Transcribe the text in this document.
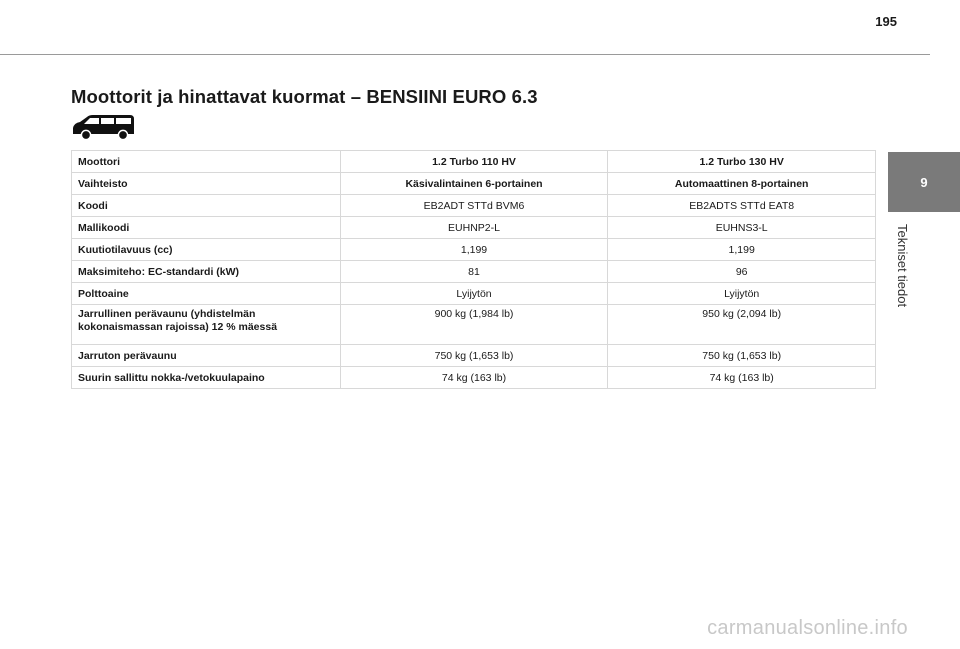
195
Moottorit ja hinattavat kuormat – BENSIINI EURO 6.3
9
Tekniset tiedot
Moottori	1.2 Turbo 110 HV	1.2 Turbo 130 HV
Vaihteisto	Käsivalintainen 6-portainen	Automaattinen 8-portainen
Koodi	EB2ADT STTd BVM6	EB2ADTS STTd EAT8
Mallikoodi	EUHNP2-L	EUHNS3-L
Kuutiotilavuus (cc)	1,199	1,199
Maksimiteho: EC-standardi (kW)	81	96
Polttoaine	Lyijytön	Lyijytön

Jarrullinen perävaunu (yhdistelmän
kokonaismassan rajoissa) 12 % mäessä	900 kg (1,984 lb)	950 kg (2,094 lb)
Jarruton perävaunu	750 kg (1,653 lb)	750 kg (1,653 lb)
Suurin sallittu nokka-/vetokuulapaino	74 kg (163 lb)	74 kg (163 lb)
carmanualsonline.info
